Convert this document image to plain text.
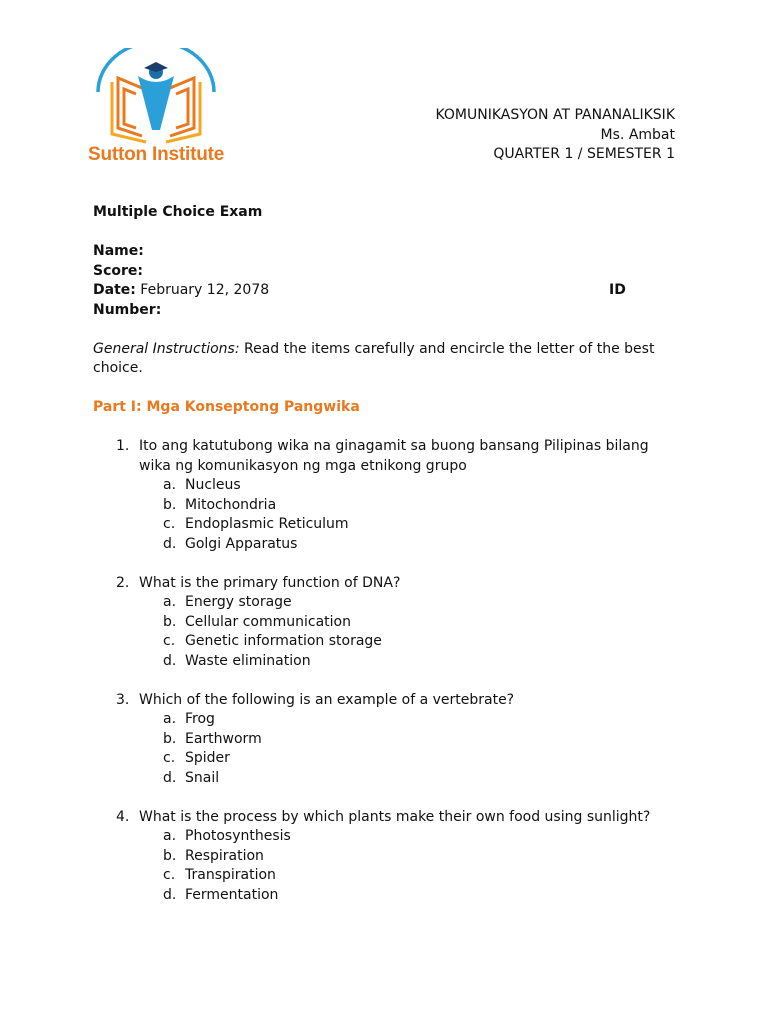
Sutton Institute
KOMUNIKASYON AT PANANALIKSIK
Ms. Ambat
QUARTER 1 / SEMESTER 1
Multiple Choice Exam
Name:
Score:
Date: February 12, 2078	ID
Number:
General Instructions: Read the items carefully and encircle the letter of the best choice.
Part I: Mga Konseptong Pangwika
1. Ito ang katutubong wika na ginagamit sa buong bansang Pilipinas bilang wika ng komunikasyon ng mga etnikong grupo
a. Nucleus
b. Mitochondria
c. Endoplasmic Reticulum
d. Golgi Apparatus
2. What is the primary function of DNA?
a. Energy storage
b. Cellular communication
c. Genetic information storage
d. Waste elimination
3. Which of the following is an example of a vertebrate?
a. Frog
b. Earthworm
c. Spider
d. Snail
4. What is the process by which plants make their own food using sunlight?
a. Photosynthesis
b. Respiration
c. Transpiration
d. Fermentation
